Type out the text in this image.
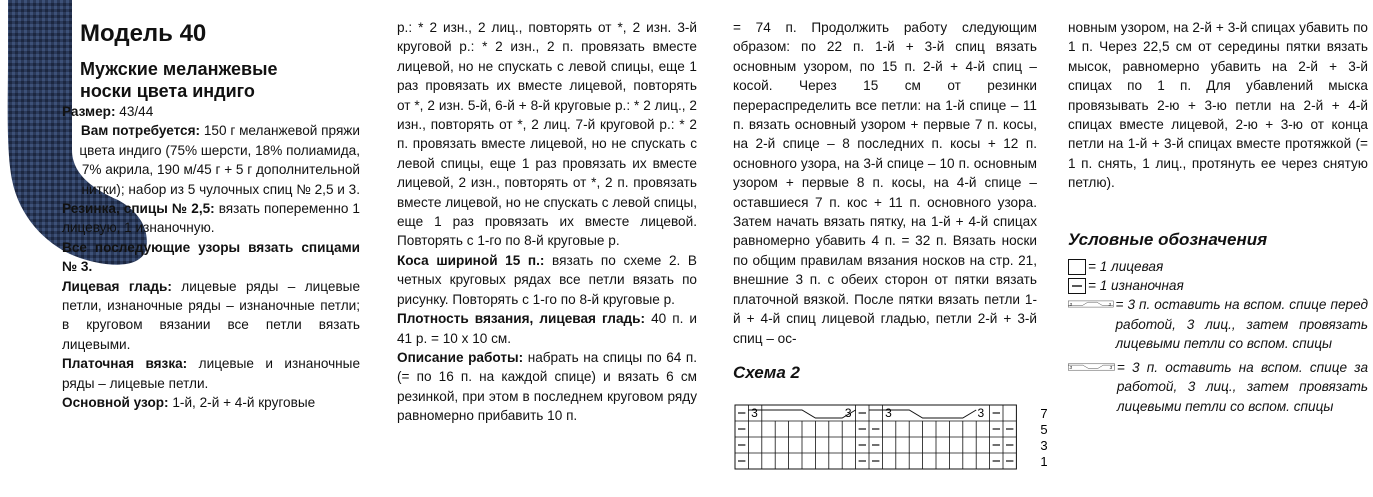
Модель 40
Мужские меланжевые
носки цвета индиго

Размер: 43/44

Вам потребуется: 150 г меланжевой пряжи цвета индиго (75% шерсти, 18% полиамида, 7% акрила, 190 м/45 г + 5 г дополнительной нитки); набор из 5 чулочных спиц № 2,5 и 3.

Резинка, спицы № 2,5: вязать попеременно 1 лицевую, 1 изнаночную.

Все последующие узоры вязать спицами № 3.

Лицевая гладь: лицевые ряды – лицевые петли, изнаночные ряды – изнаночные петли; в круговом вязании все петли вязать лицевыми.

Платочная вязка: лицевые и изнаночные ряды – лицевые петли.

Основной узор: 1-й, 2-й + 4-й круговые

р.: * 2 изн., 2 лиц., повторять от *, 2 изн. 3-й круговой р.: * 2 изн., 2 п. провязать вместе лицевой, но не спускать с левой спицы, еще 1 раз провязать их вместе лицевой, повторять от *, 2 изн. 5-й, 6-й + 8-й круговые р.: * 2 лиц., 2 изн., повторять от *, 2 лиц. 7-й круговой р.: * 2 п. провязать вместе лицевой, но не спускать с левой спицы, еще 1 раз провязать их вместе лицевой, 2 изн., повторять от *, 2 п. провязать вместе лицевой, но не спускать с левой спицы, еще 1 раз провязать их вместе лицевой. Повторять с 1-го по 8-й круговые р.

Коса шириной 15 п.: вязать по схеме 2. В четных круговых рядах все петли вязать по рисунку. Повторять с 1-го по 8-й круговые р.

Плотность вязания, лицевая гладь: 40 п. и 41 р. = 10 х 10 см.

Описание работы: набрать на спицы по 64 п. (= по 16 п. на каждой спице) и вязать 6 см резинкой, при этом в последнем круговом ряду равномерно прибавить 10 п.

= 74 п. Продолжить работу следующим образом: по 22 п. 1-й + 3-й спиц вязать основным узором, по 15 п. 2-й + 4-й спиц – косой. Через 15 см от резинки перераспределить все петли: на 1-й спице – 11 п. вязать основный узором + первые 7 п. косы, на 2-й спице – 8 последних п. косы + 12 п. основного узора, на 3-й спице – 10 п. основным узором + первые 8 п. косы, на 4-й спице – оставшиеся 7 п. кос + 11 п. основного узора. Затем начать вязать пятку, на 1-й + 4-й спицах равномерно убавить 4 п. = 32 п. Вязать носки по общим правилам вязания носков на стр. 21, внешние 3 п. с обеих сторон от пятки вязать платочной вязкой. После пятки вязать петли 1-й + 4-й спиц лицевой гладью, петли 2-й + 3-й спиц – ос-

Схема 2
3	3	3	3	7
5
3
1

новным узором, на 2-й + 3-й спицах убавить по 1 п. Через 22,5 см от середины пятки вязать мысок, равномерно убавить на 2-й + 3-й спицах по 1 п. Для убавлений мыска провязывать 2-ю + 3-ю петли на 2-й + 4-й спицах вместе лицевой, 2-ю + 3-ю от конца петли на 1-й + 3-й спицах вместе протяжкой (= 1 п. снять, 1 лиц., протянуть ее через снятую петлю).

Условные обозначения
= 1 лицевая
= 1 изнаночная
3	3 = 3 п. оставить на вспом. спице перед работой, 3 лиц., затем провязать лицевыми петли со вспом. спицы
3	3 = 3 п. оставить на вспом. спице за работой, 3 лиц., затем провязать лицевыми петли со вспом. спицы
